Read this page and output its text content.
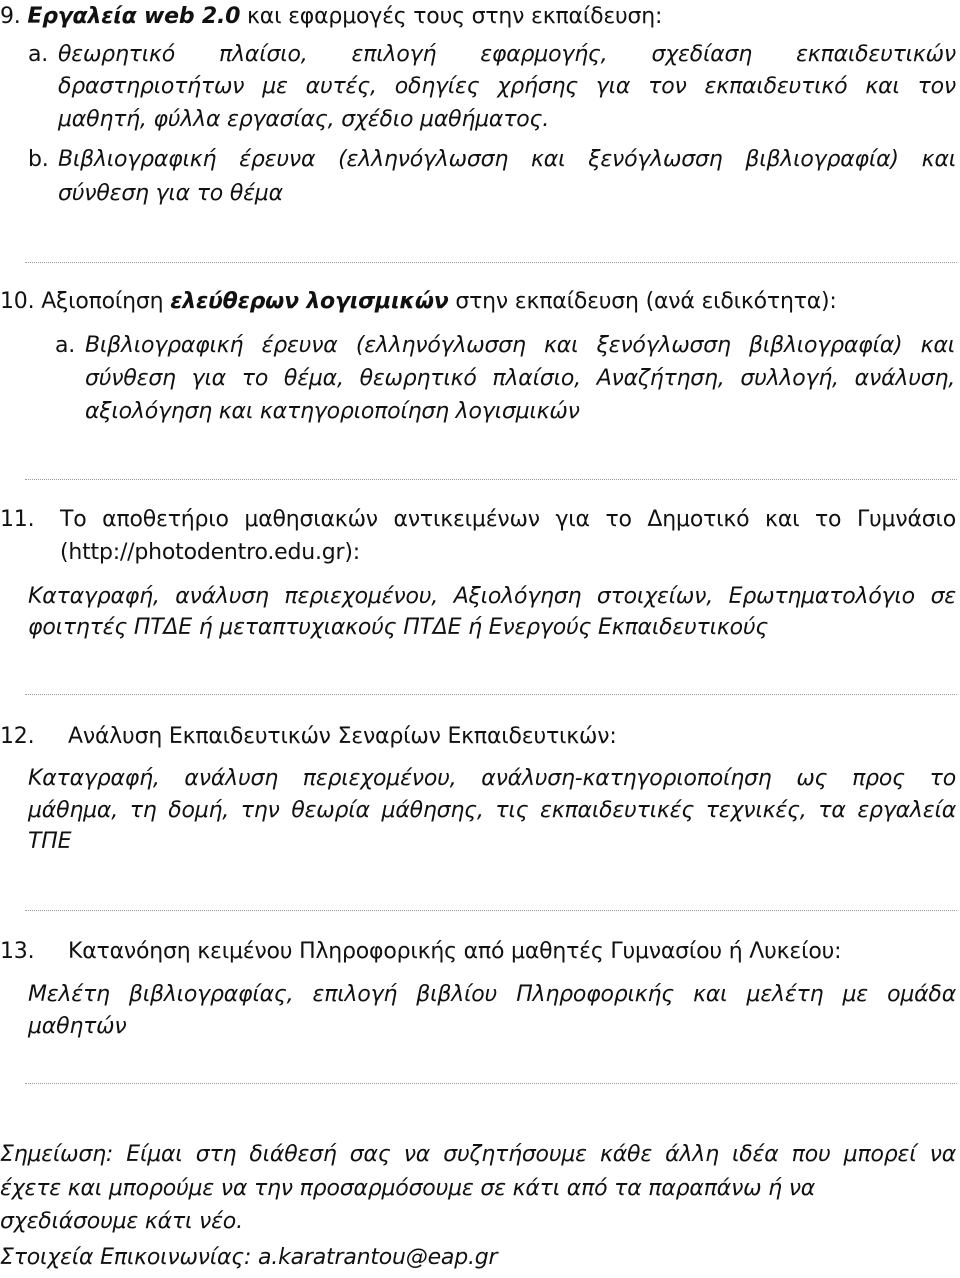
9. Εργαλεία web 2.0 και εφαρμογές τους στην εκπαίδευση:
a. θεωρητικό πλαίσιο, επιλογή εφαρμογής, σχεδίαση εκπαιδευτικών
δραστηριοτήτων με αυτές, οδηγίες χρήσης για τον εκπαιδευτικό και τον
μαθητή, φύλλα εργασίας, σχέδιο μαθήματος.
b. Βιβλιογραφική έρευνα (ελληνόγλωσση και ξενόγλωσση βιβλιογραφία) και
σύνθεση για το θέμα
10. Αξιοποίηση ελεύθερων λογισμικών στην εκπαίδευση (ανά ειδικότητα):
a. Βιβλιογραφική έρευνα (ελληνόγλωσση και ξενόγλωσση βιβλιογραφία) και
σύνθεση για το θέμα, θεωρητικό πλαίσιο, Αναζήτηση, συλλογή, ανάλυση,
αξιολόγηση και κατηγοριοποίηση λογισμικών
11. Το αποθετήριο μαθησιακών αντικειμένων για το Δημοτικό και το Γυμνάσιο
(http://photodentro.edu.gr):
Καταγραφή, ανάλυση περιεχομένου, Αξιολόγηση στοιχείων, Ερωτηματολόγιο σε
φοιτητές ΠΤΔΕ ή μεταπτυχιακούς ΠΤΔΕ ή Ενεργούς Εκπαιδευτικούς
12. Ανάλυση Εκπαιδευτικών Σεναρίων Εκπαιδευτικών:
Καταγραφή, ανάλυση περιεχομένου, ανάλυση-κατηγοριοποίηση ως προς το
μάθημα, τη δομή, την θεωρία μάθησης, τις εκπαιδευτικές τεχνικές, τα εργαλεία
ΤΠΕ
13. Κατανόηση κειμένου Πληροφορικής από μαθητές Γυμνασίου ή Λυκείου:
Μελέτη βιβλιογραφίας, επιλογή βιβλίου Πληροφορικής και μελέτη με ομάδα
μαθητών
Σημείωση: Είμαι στη διάθεσή σας να συζητήσουμε κάθε άλλη ιδέα που μπορεί να
έχετε και μπορούμε να την προσαρμόσουμε σε κάτι από τα παραπάνω ή να
σχεδιάσουμε κάτι νέο.
Στοιχεία Επικοινωνίας: a.karatrantou@eap.gr
